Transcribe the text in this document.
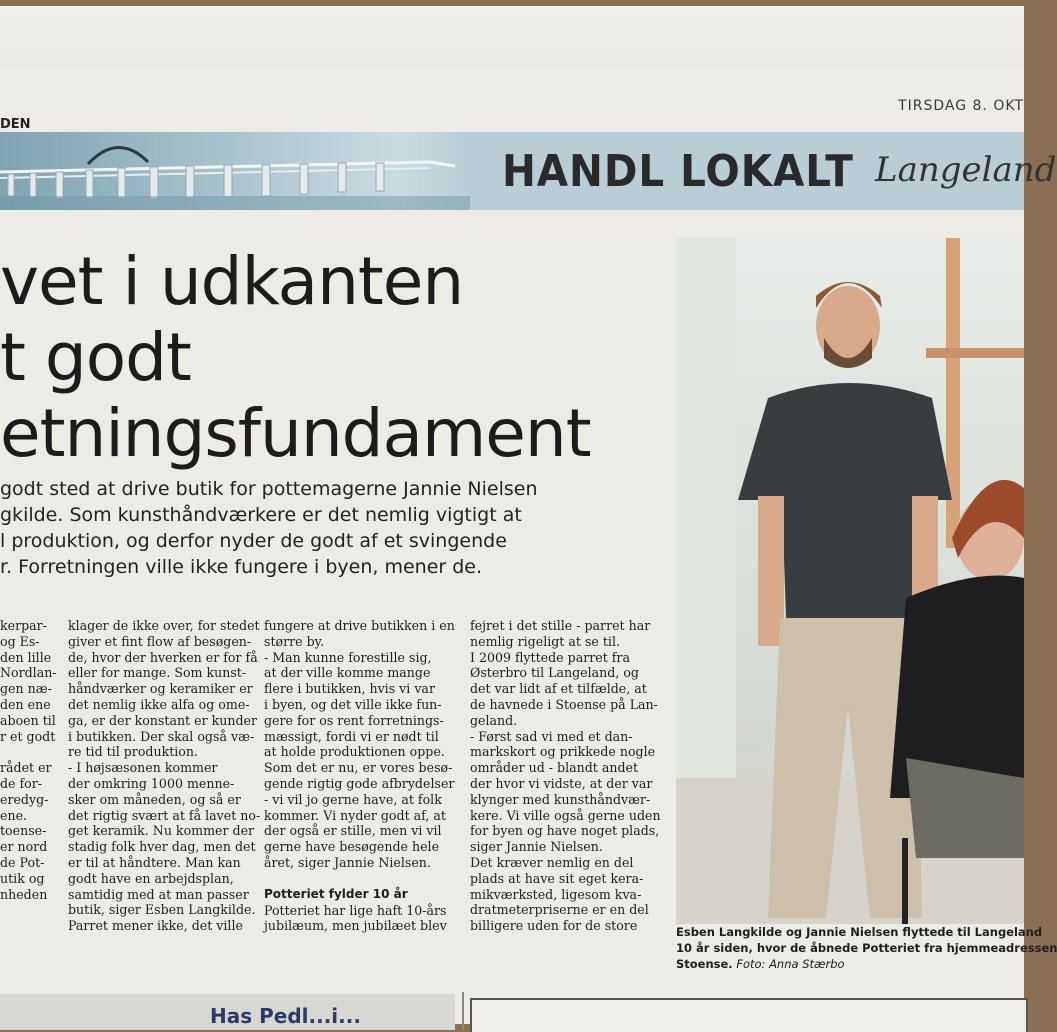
DEN
TIRSDAG 8. OKT
HANDL LOKALT Langeland
vet i udkanten
t godt
etningsfundament
godt sted at drive butik for pottemagerne Jannie Nielsen
gkilde. Som kunsthåndværkere er det nemlig vigtigt at
l produktion, og derfor nyder de godt af et svingende
r. Forretningen ville ikke fungere i byen, mener de.
kerpar-
og Es-
den lille
Nordlan-
gen næ-
den ene
aboen til
r et godt
rådet er
de for-
eredyg-
ene.
toense-
er nord
de Pot-
utik og
nheden
klager de ikke over, for stedet
giver et fint flow af besøgen-
de, hvor der hverken er for få
eller for mange. Som kunst-
håndværker og keramiker er
det nemlig ikke alfa og ome-
ga, er der konstant er kunder
i butikken. Der skal også væ-
re tid til produktion.
- I højsæsonen kommer
der omkring 1000 menne-
sker om måneden, og så er
det rigtig svært at få lavet no-
get keramik. Nu kommer der
stadig folk hver dag, men det
er til at håndtere. Man kan
godt have en arbejdsplan,
samtidig med at man passer
butik, siger Esben Langkilde.
Parret mener ikke, det ville
fungere at drive butikken i en
større by.
- Man kunne forestille sig,
at der ville komme mange
flere i butikken, hvis vi var
i byen, og det ville ikke fun-
gere for os rent forretnings-
mæssigt, fordi vi er nødt til
at holde produktionen oppe.
Som det er nu, er vores besø-
gende rigtig gode afbrydelser
- vi vil jo gerne have, at folk
kommer. Vi nyder godt af, at
der også er stille, men vi vil
gerne have besøgende hele
året, siger Jannie Nielsen.
Potteriet fylder 10 år
Potteriet har lige haft 10-års
jubilæum, men jubilæet blev
fejret i det stille - parret har
nemlig rigeligt at se til.
I 2009 flyttede parret fra
Østerbro til Langeland, og
det var lidt af et tilfælde, at
de havnede i Stoense på Lan-
geland.
- Først sad vi med et dan-
markskort og prikkede nogle
områder ud - blandt andet
der hvor vi vidste, at der var
klynger med kunsthåndvær-
kere. Vi ville også gerne uden
for byen og have noget plads,
siger Jannie Nielsen.
Det kræver nemlig en del
plads at have sit eget kera-
mikværksted, ligesom kva-
dratmeterpriserne er en del
billigere uden for de store	Esben Langkilde og Jannie Nielsen flyttede til Langeland
10 år siden, hvor de åbnede Potteriet fra hjemmeadressen
Stoense. Foto: Anna Stærbo
Has Pedl...i...
